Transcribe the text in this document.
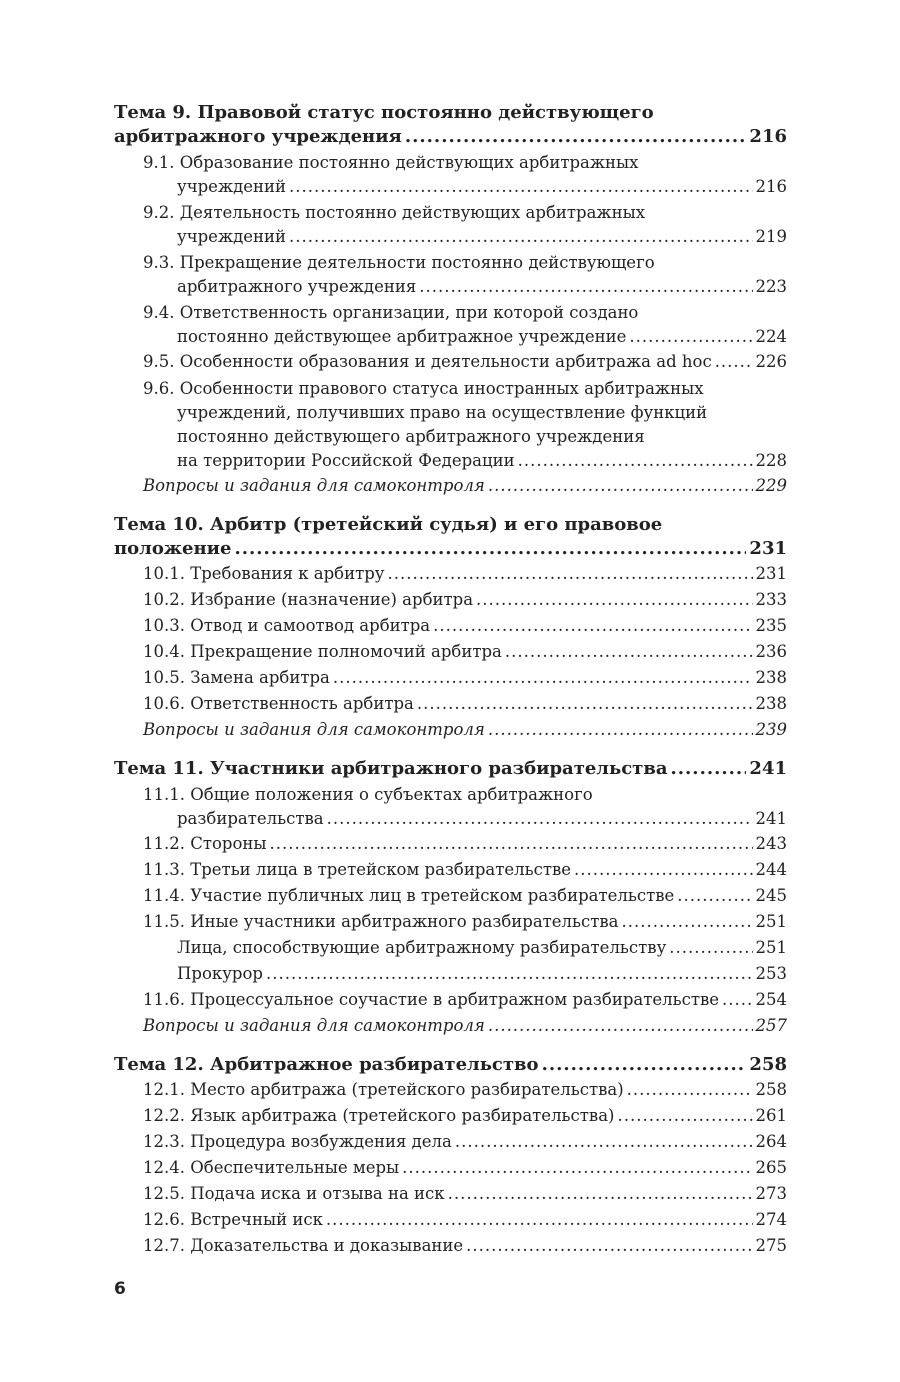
Тема 9. Правовой статус постоянно действующего
арбитражного учреждения .....	216
9.1. Образование постоянно действующих арбитражных
учреждений .....	216
9.2. Деятельность постоянно действующих арбитражных
учреждений .....	219
9.3. Прекращение деятельности постоянно действующего
арбитражного учреждения .....	223
9.4. Ответственность организации, при которой создано
постоянно действующее арбитражное учреждение .....	224
9.5. Особенности образования и деятельности арбитража ad hoc .....	226
9.6. Особенности правового статуса иностранных арбитражных
учреждений, получивших право на осуществление функций
постоянно действующего арбитражного учреждения
на территории Российской Федерации .....	228
Вопросы и задания для самоконтроля .....	229
Тема 10. Арбитр (третейский судья) и его правовое
положение .....	231
10.1. Требования к арбитру .....	231
10.2. Избрание (назначение) арбитра .....	233
10.3. Отвод и самоотвод арбитра .....	235
10.4. Прекращение полномочий арбитра .....	236
10.5. Замена арбитра .....	238
10.6. Ответственность арбитра .....	238
Вопросы и задания для самоконтроля .....	239
Тема 11. Участники арбитражного разбирательства .....	241
11.1. Общие положения о субъектах арбитражного
разбирательства .....	241
11.2. Стороны .....	243
11.3. Третьи лица в третейском разбирательстве .....	244
11.4. Участие публичных лиц в третейском разбирательстве .....	245
11.5. Иные участники арбитражного разбирательства .....	251
Лица, способствующие арбитражному разбирательству .....	251
Прокурор .....	253
11.6. Процессуальное соучастие в арбитражном разбирательстве ..... 254
Вопросы и задания для самоконтроля .....	257
Тема 12. Арбитражное разбирательство .....	258
12.1. Место арбитража (третейского разбирательства) .....	258
12.2. Язык арбитража (третейского разбирательства) .....	261
12.3. Процедура возбуждения дела .....	264
12.4. Обеспечительные меры .....	265
12.5. Подача иска и отзыва на иск .....	273
12.6. Встречный иск .....	274
12.7. Доказательства и доказывание .....	275
6
